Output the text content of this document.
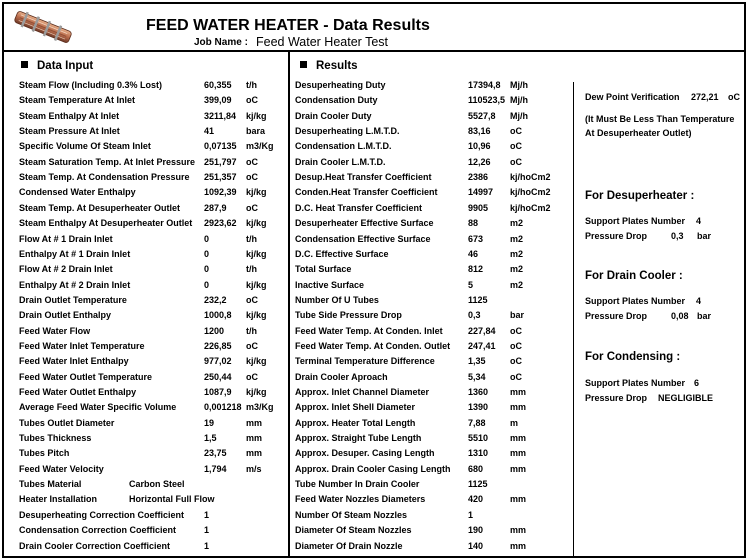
FEED WATER HEATER - Data Results
Job Name : Feed Water Heater Test
Data Input	Results
Steam Flow (Including 0.3% Lost)	60,355 t/h
Steam Temperature At Inlet	399,09 oC
Steam Enthalpy At Inlet	3211,84 kj/kg
Steam Pressure At Inlet	41	bara
Specific Volume Of Steam Inlet	0,07135 m3/Kg
Steam Saturation Temp. At Inlet Pressure 251,797 oC
Steam Temp. At Condensation Pressure 251,357 oC
Condensed Water Enthalpy	1092,39 kj/kg
Steam Temp. At Desuperheater Outlet	287,9 oC
Steam Enthalpy At Desuperheater Outlet 2923,62 kj/kg
Flow At # 1 Drain Inlet	0	t/h
Enthalpy At # 1 Drain Inlet	0	kj/kg
Flow At # 2 Drain Inlet	0	t/h
Enthalpy At # 2 Drain Inlet	0	kj/kg
Drain Outlet Temperature	232,2 oC
Drain Outlet Enthalpy	1000,8 kj/kg
Feed Water Flow	1200 t/h
Feed Water Inlet Temperature	226,85 oC
Feed Water Inlet Enthalpy	977,02 kj/kg
Feed Water Outlet Temperature	250,44 oC
Feed Water Outlet Enthalpy	1087,9 kj/kg
Average Feed Water Specific Volume	0,001218 m3/Kg
Tubes Outlet Diameter	19	mm
Tubes Thickness	1,5	mm
Tubes Pitch	23,75 mm
Feed Water Velocity	1,794 m/s
Tubes Material	Carbon Steel
Heater Installation	Horizontal Full Flow
Desuperheating Correction Coefficient 1
Condensation Correction Coefficient	1
Drain Cooler Correction Coefficient	1
Desuperheating Duty	17394,8 Mj/h
Condensation Duty	110523,5 Mj/h
Drain Cooler Duty	5527,8 Mj/h
Desuperheating L.M.T.D.	83,16 oC
Condensation L.M.T.D.	10,96 oC
Drain Cooler L.M.T.D.	12,26 oC
Desup.Heat Transfer Coefficient	2386 kj/hoCm2
Conden.Heat Transfer Coefficient	14997 kj/hoCm2
D.C. Heat Transfer Coefficient	9905 kj/hoCm2
Desuperheater Effective Surface	88	m2
Condensation Effective Surface	673	m2
D.C. Effective Surface	46	m2
Total Surface	812	m2
Inactive Surface	5	m2
Number Of U Tubes	1125
Tube Side Pressure Drop	0,3	bar
Feed Water Temp. At Conden. Inlet	227,84 oC
Feed Water Temp. At Conden. Outlet 247,41 oC
Terminal Temperature Difference	1,35	oC
Drain Cooler Aproach	5,34	oC
Approx. Inlet Channel Diameter	1360 mm
Approx. Inlet Shell Diameter	1390 mm
Approx. Heater Total Length	7,88	m
Approx. Straight Tube Length	5510 mm
Approx. Desuper. Casing Length	1310 mm
Approx. Drain Cooler Casing Length 680	mm
Tube Number In Drain Cooler	1125
Feed Water Nozzles Diameters	420	mm
Number Of Steam Nozzles	1
Diameter Of Steam Nozzles	190	mm
Diameter Of Drain Nozzle	140	mm
Dew Point Verification 272,21 oC
(It Must Be Less Than Temperature
At Desuperheater Outlet)
For Desuperheater :
Support Plates Number 4
Pressure Drop	0,3 bar
For Drain Cooler :
Support Plates Number 4
Pressure Drop	0,08 bar
For Condensing :
Support Plates Number 6
Pressure Drop NEGLIGIBLE
